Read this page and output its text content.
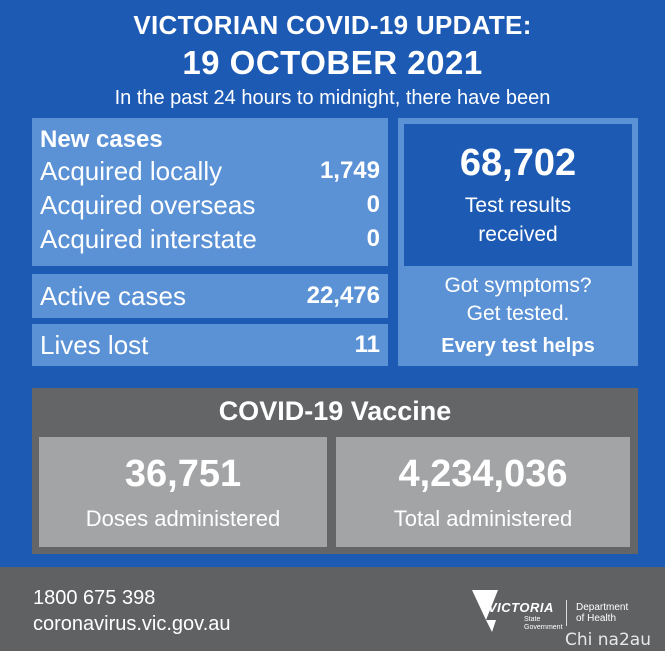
VICTORIAN COVID-19 UPDATE:
19 OCTOBER 2021
In the past 24 hours to midnight, there have been
New cases
Acquired locally	1,749
Acquired overseas	0
Acquired interstate	0
Active cases	22,476
Lives lost	11
68,702
Test results
received
Got symptoms?
Get tested.
Every test helps
COVID-19 Vaccine
36,751
Doses administered
4,234,036
Total administered
1800 675 398
coronavirus.vic.gov.au
VICTORIA
State
Government
Department
of Health
Chi na2au
